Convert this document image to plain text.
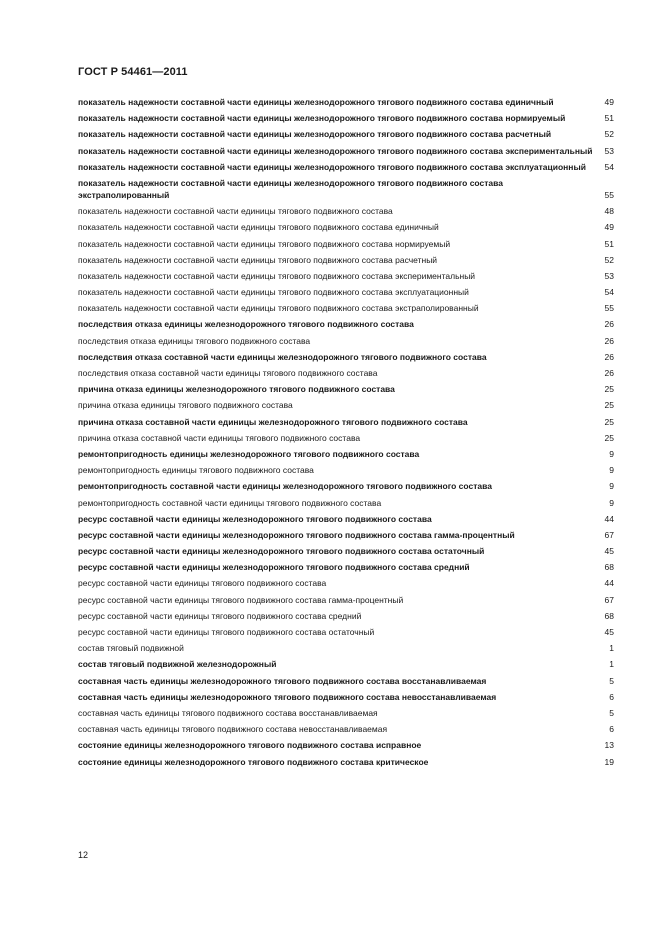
ГОСТ Р 54461—2011
показатель надежности составной части единицы железнодорожного тягового подвижного состава единичный	49
показатель надежности составной части единицы железнодорожного тягового подвижного состава нормируемый	51
показатель надежности составной части единицы железнодорожного тягового подвижного состава расчетный	52
показатель надежности составной части единицы железнодорожного тягового подвижного состава экспериментальный	53
показатель надежности составной части единицы железнодорожного тягового подвижного состава эксплуатационный	54
показатель надежности составной части единицы железнодорожного тягового подвижного состава экстраполированный	55
показатель надежности составной части единицы тягового подвижного состава	48
показатель надежности составной части единицы тягового подвижного состава единичный	49
показатель надежности составной части единицы тягового подвижного состава нормируемый	51
показатель надежности составной части единицы тягового подвижного состава расчетный	52
показатель надежности составной части единицы тягового подвижного состава экспериментальный	53
показатель надежности составной части единицы тягового подвижного состава эксплуатационный	54
показатель надежности составной части единицы тягового подвижного состава экстраполированный	55
последствия отказа единицы железнодорожного тягового подвижного состава	26
последствия отказа единицы тягового подвижного состава	26
последствия отказа составной части единицы железнодорожного тягового подвижного состава	26
последствия отказа составной части единицы тягового подвижного состава	26
причина отказа единицы железнодорожного тягового подвижного состава	25
причина отказа единицы тягового подвижного состава	25
причина отказа составной части единицы железнодорожного тягового подвижного состава	25
причина отказа составной части единицы тягового подвижного состава	25
ремонтопригодность единицы железнодорожного тягового подвижного состава	9
ремонтопригодность единицы тягового подвижного состава	9
ремонтопригодность составной части единицы железнодорожного тягового подвижного состава	9
ремонтопригодность составной части единицы тягового подвижного состава	9
ресурс составной части единицы железнодорожного тягового подвижного состава	44
ресурс составной части единицы железнодорожного тягового подвижного состава гамма-процентный	67
ресурс составной части единицы железнодорожного тягового подвижного состава остаточный	45
ресурс составной части единицы железнодорожного тягового подвижного состава средний	68
ресурс составной части единицы тягового подвижного состава	44
ресурс составной части единицы тягового подвижного состава гамма-процентный	67
ресурс составной части единицы тягового подвижного состава средний	68
ресурс составной части единицы тягового подвижного состава остаточный	45
состав тяговый подвижной	1
состав тяговый подвижной железнодорожный	1
составная часть единицы железнодорожного тягового подвижного состава восстанавливаемая	5
составная часть единицы железнодорожного тягового подвижного состава невосстанавливаемая	6
составная часть единицы тягового подвижного состава восстанавливаемая	5
составная часть единицы тягового подвижного состава невосстанавливаемая	6
состояние единицы железнодорожного тягового подвижного состава исправное	13
состояние единицы железнодорожного тягового подвижного состава критическое	19
12
